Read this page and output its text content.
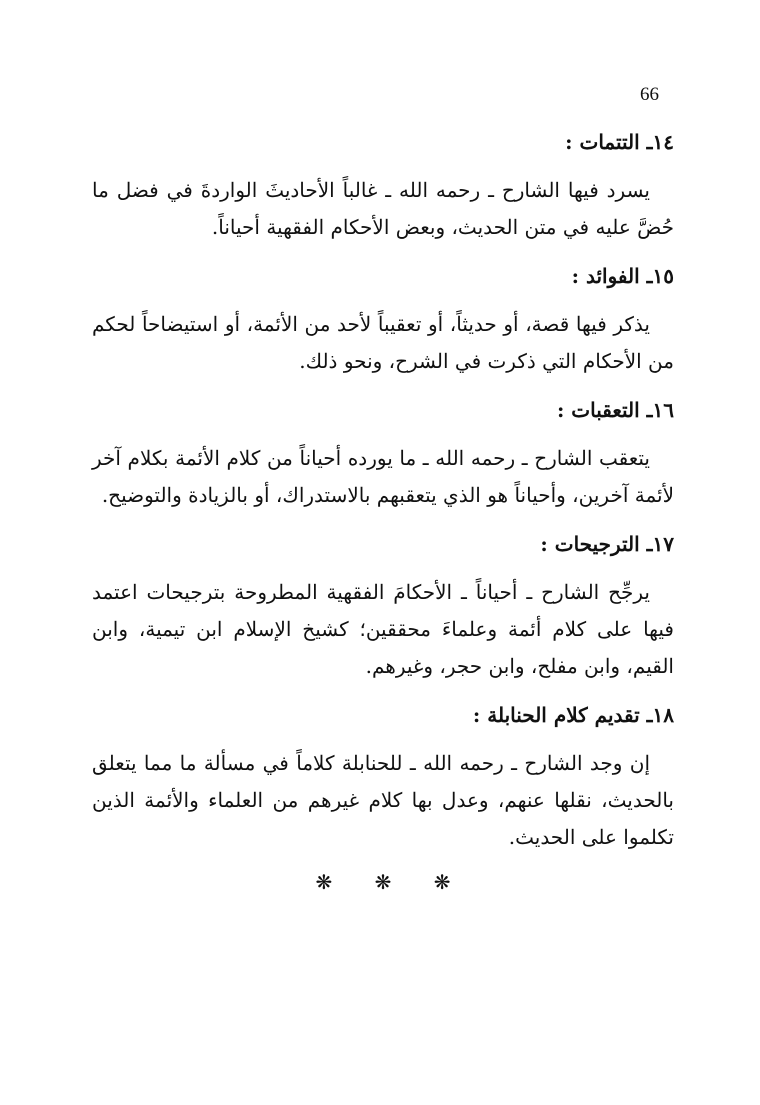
66
١٤ـ التتمات :

يسرد فيها الشارح ـ رحمه الله ـ غالباً الأحاديثَ الواردةَ في فضل ما حُضَّ عليه في متن الحديث، وبعض الأحكام الفقهية أحياناً.

١٥ـ الفوائد :

يذكر فيها قصة، أو حديثاً، أو تعقيباً لأحد من الأئمة، أو استيضاحاً لحكم من الأحكام التي ذكرت في الشرح، ونحو ذلك.

١٦ـ التعقبات :

يتعقب الشارح ـ رحمه الله ـ ما يورده أحياناً من كلام الأئمة بكلام آخر لأئمة آخرين، وأحياناً هو الذي يتعقبهم بالاستدراك، أو بالزيادة والتوضيح.

١٧ـ الترجيحات :

يرجِّح الشارح ـ أحياناً ـ الأحكامَ الفقهية المطروحة بترجيحات اعتمد فيها على كلام أئمة وعلماءَ محققين؛ كشيخ الإسلام ابن تيمية، وابن القيم، وابن مفلح، وابن حجر، وغيرهم.

١٨ـ تقديم كلام الحنابلة :

إن وجد الشارح ـ رحمه الله ـ للحنابلة كلاماً في مسألة ما مما يتعلق بالحديث، نقلها عنهم، وعدل بها كلام غيرهم من العلماء والأئمة الذين تكلموا على الحديث.

❋ ❋ ❋
